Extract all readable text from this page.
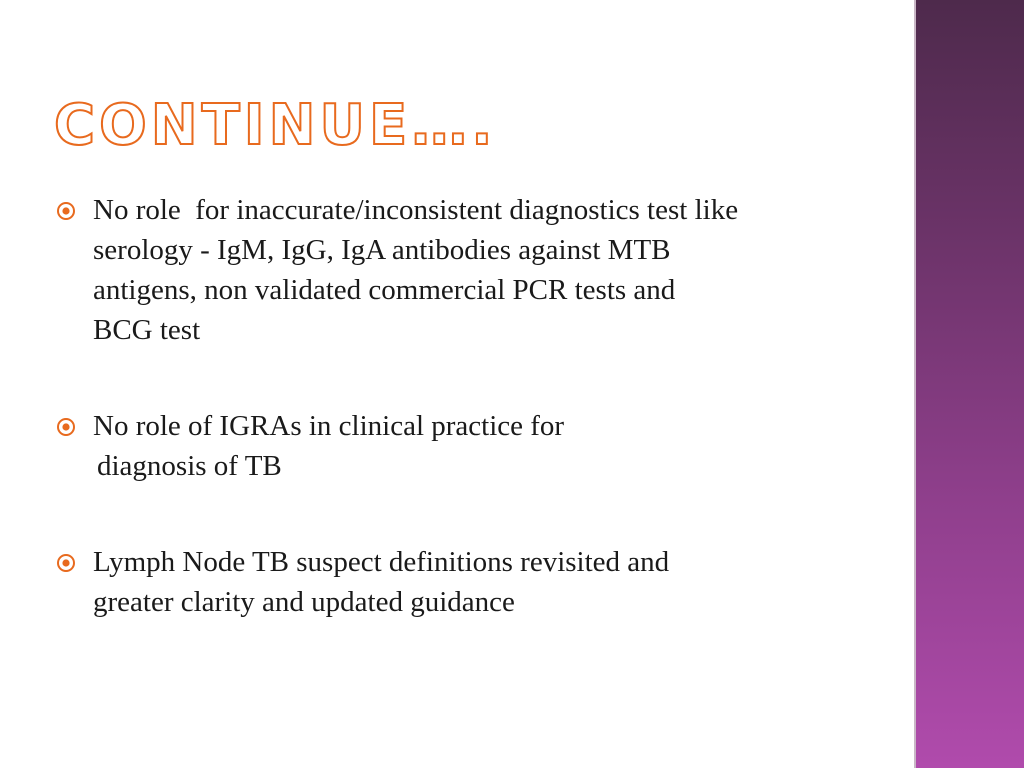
CONTINUE….
No role  for inaccurate/inconsistent diagnostics test like
serology - IgM, IgG, IgA antibodies against MTB
antigens, non validated commercial PCR tests and
BCG test
No role of IGRAs in clinical practice for

diagnosis of TB
Lymph Node TB suspect definitions revisited and
greater clarity and updated guidance
